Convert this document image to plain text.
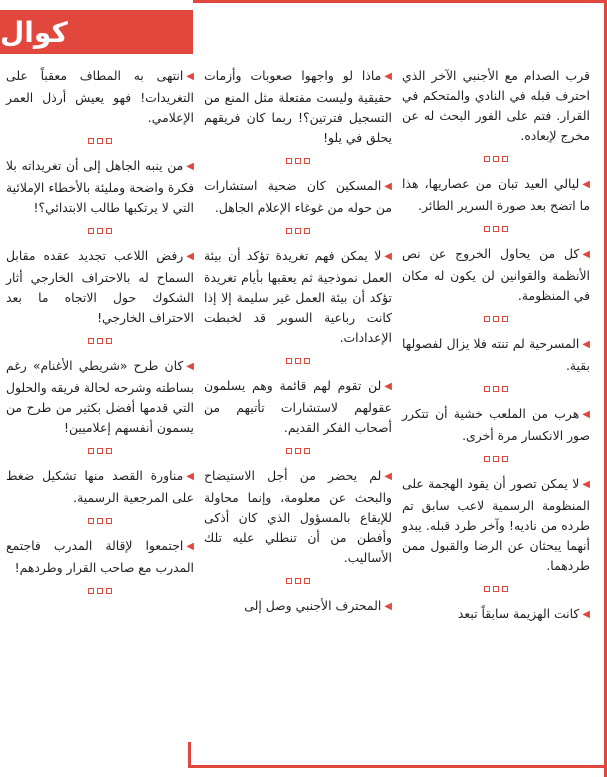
كوال

◀انتهى به المطاف معقباً على التغريدات! فهو يعيش أرذل العمر الإعلامي.

◀من ينبه الجاهل إلى أن تغريداته بلا فكرة واضحة ومليئة بالأخطاء الإملائية التي لا يرتكبها طالب الابتدائي؟!

◀رفض اللاعب تجديد عقده مقابل السماح له بالاحتراف الخارجي أثار الشكوك حول الاتجاه ما بعد الاحتراف الخارجي!

◀كان طرح «شريطي الأغنام» رغم بساطته وشرحه لحالة فريقه والحلول التي قدمها أفضل بكثير من طرح من يسمون أنفسهم إعلاميين!

◀مناورة القصد منها تشكيل ضغط على المرجعية الرسمية.

◀اجتمعوا لإقالة المدرب فاجتمع المدرب مع صاحب القرار وطردهم!

◀ماذا لو واجهوا صعوبات وأزمات حقيقية وليست مفتعلة مثل المنع من التسجيل فترتين؟! ربما كان فريقهم يحلق في يلو!

◀المسكين كان ضحية استشارات من حوله من غوغاء الإعلام الجاهل.

◀لا يمكن فهم تغريدة تؤكد أن بيئة العمل نموذجية ثم يعقبها بأيام تغريدة تؤكد أن بيئة العمل غير سليمة إلا إذا كانت رباعية السوبر قد لخبطت الإعدادات.

◀لن تقوم لهم قائمة وهم يسلمون عقولهم لاستشارات تأتيهم من أصحاب الفكر القديم.

◀لم يحضر من أجل الاستيضاح والبحث عن معلومة، وإنما محاولة للإيقاع بالمسؤول الذي كان أذكى وأفطن من أن تنطلي عليه تلك الأساليب.

◀المحترف الأجنبي وصل إلى

قرب الصدام مع الأجنبي الآخر الذي احترف قبله في النادي والمتحكم في القرار. فتم على الفور البحث له عن مخرج لإبعاده.

◀ليالي العيد تبان من عصاريها، هذا ما اتضح بعد صورة السرير الطائر.

◀كل من يحاول الخروج عن نص الأنظمة والقوانين لن يكون له مكان في المنظومة.

◀المسرحية لم تنته فلا يزال لفصولها بقية.

◀هرب من الملعب خشية أن تتكرر صور الانكسار مرة أخرى.

◀لا يمكن تصور أن يقود الهجمة على المنظومة الرسمية لاعب سابق تم طرده من ناديه! وآخر طرد قبله. يبدو أنهما يبحثان عن الرضا والقبول ممن طردهما.

◀كانت الهزيمة سابقاً تبعد
